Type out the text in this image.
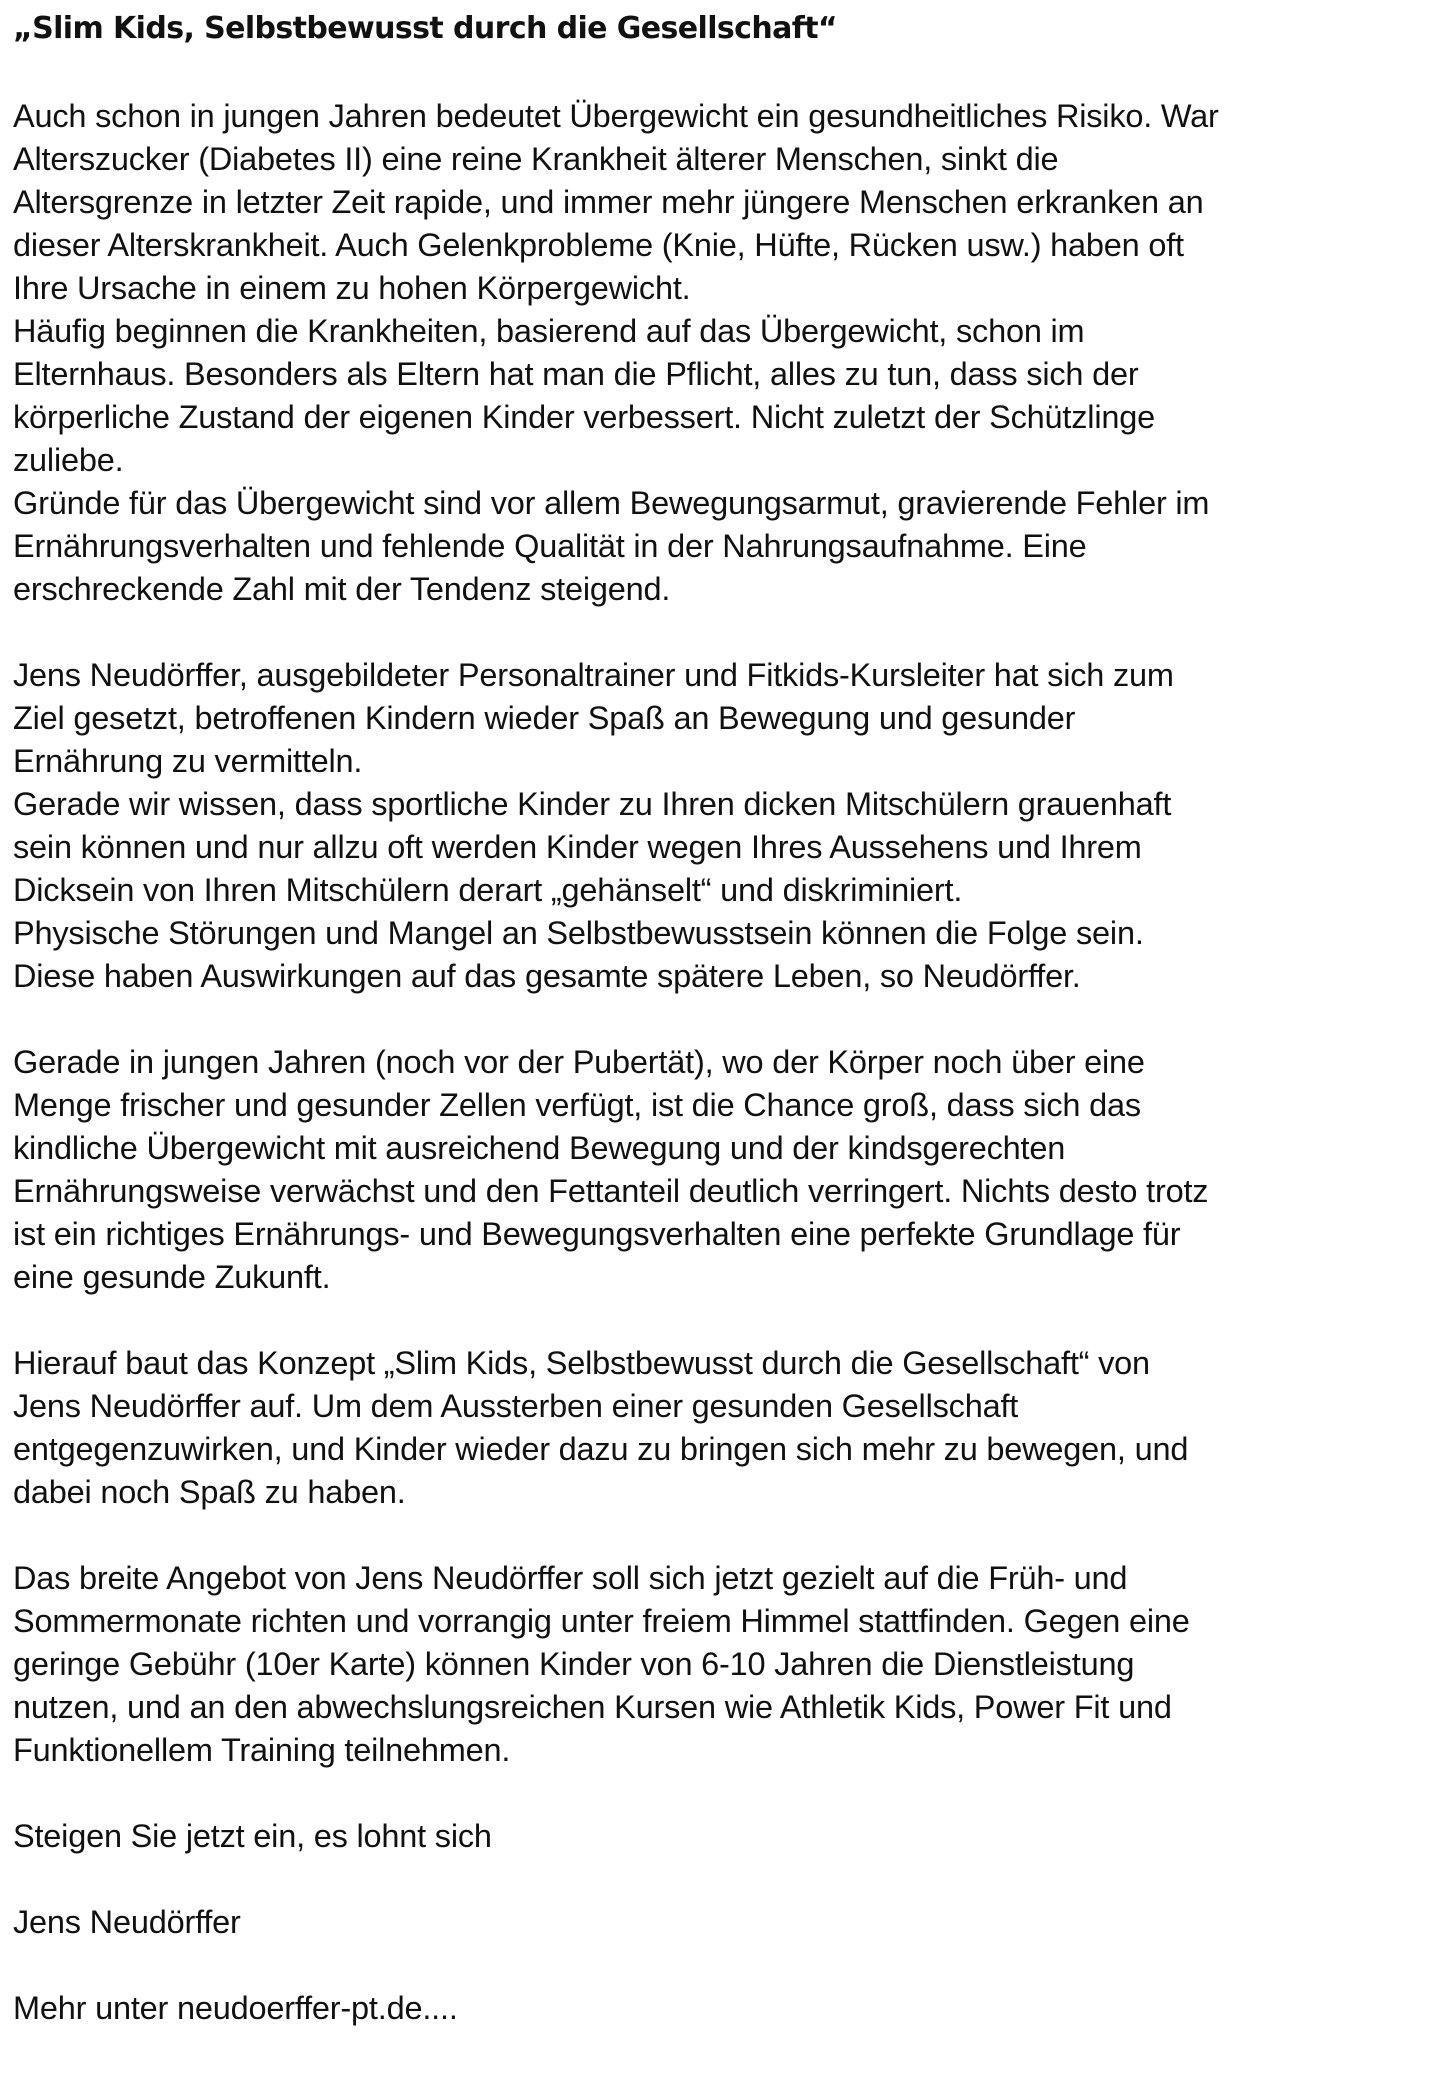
„Slim Kids, Selbstbewusst durch die Gesellschaft“
Auch schon in jungen Jahren bedeutet Übergewicht ein gesundheitliches Risiko. War
Alterszucker (Diabetes II) eine reine Krankheit älterer Menschen, sinkt die
Altersgrenze in letzter Zeit rapide, und immer mehr jüngere Menschen erkranken an
dieser Alterskrankheit. Auch Gelenkprobleme (Knie, Hüfte, Rücken usw.) haben oft
Ihre Ursache in einem zu hohen Körpergewicht.
Häufig beginnen die Krankheiten, basierend auf das Übergewicht, schon im
Elternhaus. Besonders als Eltern hat man die Pflicht, alles zu tun, dass sich der
körperliche Zustand der eigenen Kinder verbessert. Nicht zuletzt der Schützlinge
zuliebe.
Gründe für das Übergewicht sind vor allem Bewegungsarmut, gravierende Fehler im
Ernährungsverhalten und fehlende Qualität in der Nahrungsaufnahme. Eine
erschreckende Zahl mit der Tendenz steigend.
Jens Neudörffer, ausgebildeter Personaltrainer und Fitkids-Kursleiter hat sich zum
Ziel gesetzt, betroffenen Kindern wieder Spaß an Bewegung und gesunder
Ernährung zu vermitteln.
Gerade wir wissen, dass sportliche Kinder zu Ihren dicken Mitschülern grauenhaft
sein können und nur allzu oft werden Kinder wegen Ihres Aussehens und Ihrem
Dicksein von Ihren Mitschülern derart „gehänselt“ und diskriminiert.
Physische Störungen und Mangel an Selbstbewusstsein können die Folge sein.
Diese haben Auswirkungen auf das gesamte spätere Leben, so Neudörffer.
Gerade in jungen Jahren (noch vor der Pubertät), wo der Körper noch über eine
Menge frischer und gesunder Zellen verfügt, ist die Chance groß, dass sich das
kindliche Übergewicht mit ausreichend Bewegung und der kindsgerechten
Ernährungsweise verwächst und den Fettanteil deutlich verringert. Nichts desto trotz
ist ein richtiges Ernährungs- und Bewegungsverhalten eine perfekte Grundlage für
eine gesunde Zukunft.
Hierauf baut das Konzept „Slim Kids, Selbstbewusst durch die Gesellschaft“ von
Jens Neudörffer auf. Um dem Aussterben einer gesunden Gesellschaft
entgegenzuwirken, und Kinder wieder dazu zu bringen sich mehr zu bewegen, und
dabei noch Spaß zu haben.
Das breite Angebot von Jens Neudörffer soll sich jetzt gezielt auf die Früh- und
Sommermonate richten und vorrangig unter freiem Himmel stattfinden. Gegen eine
geringe Gebühr (10er Karte) können Kinder von 6-10 Jahren die Dienstleistung
nutzen, und an den abwechslungsreichen Kursen wie Athletik Kids, Power Fit und
Funktionellem Training teilnehmen.
Steigen Sie jetzt ein, es lohnt sich
Jens Neudörffer
Mehr unter neudoerffer-pt.de....
